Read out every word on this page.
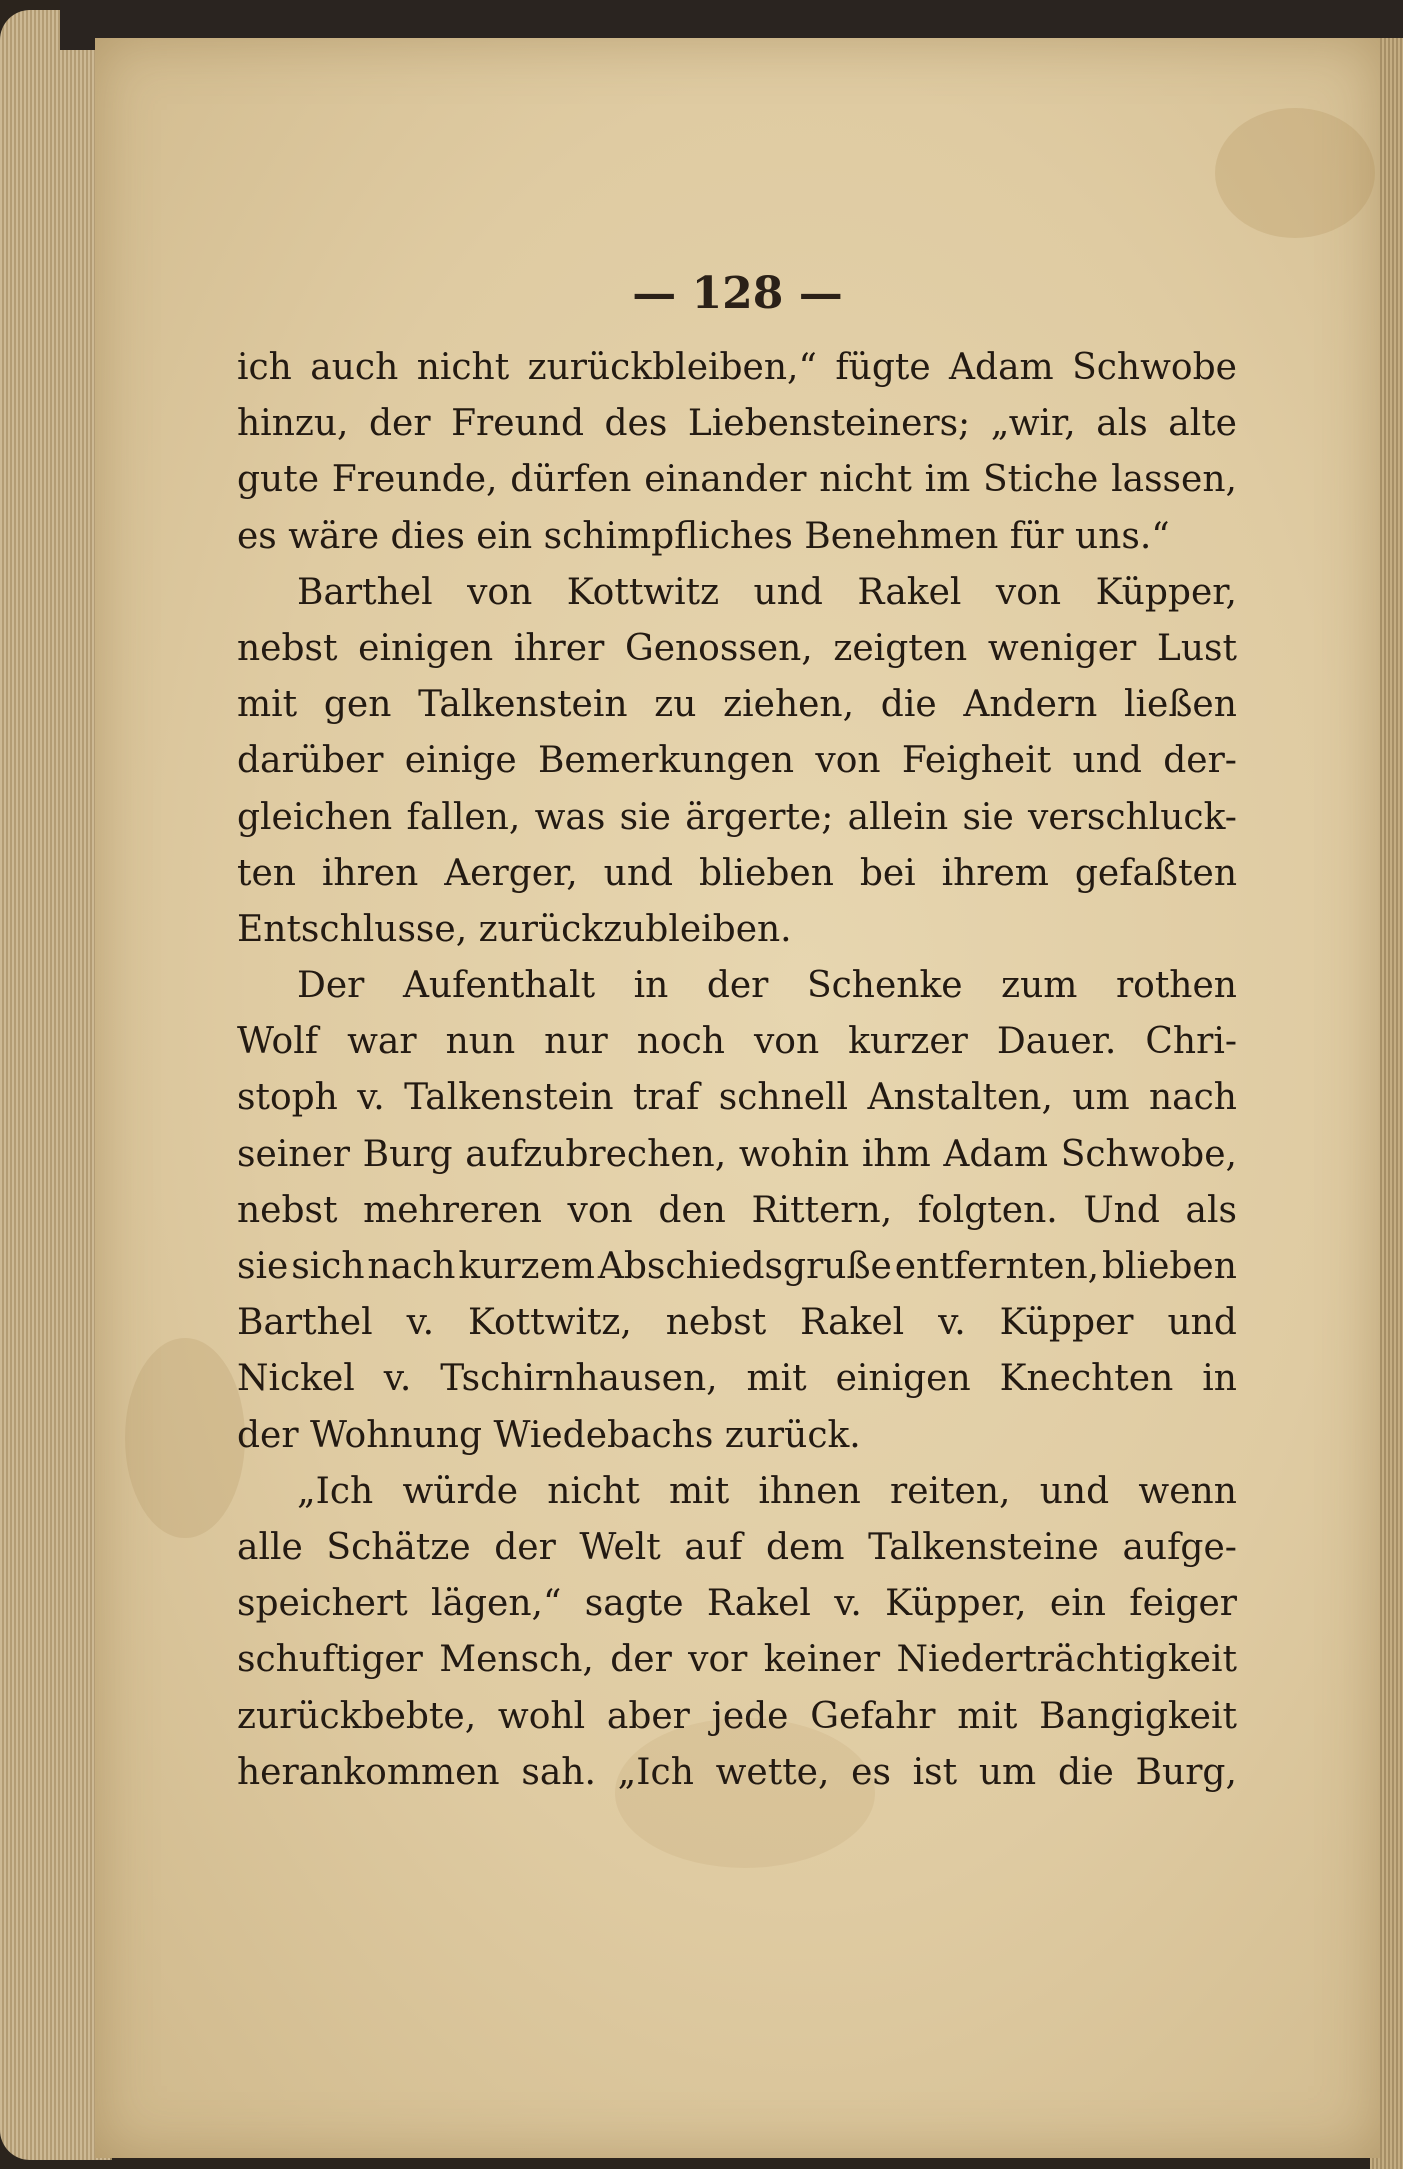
— 128 —
ich auch nicht zurückbleiben,“ fügte Adam Schwobe
hinzu, der Freund des Liebensteiners; „wir, als alte
gute Freunde, dürfen einander nicht im Stiche lassen,
es wäre dies ein schimpfliches Benehmen für uns.“
Barthel von Kottwitz und Rakel von Küpper,
nebst einigen ihrer Genossen, zeigten weniger Lust
mit gen Talkenstein zu ziehen, die Andern ließen
darüber einige Bemerkungen von Feigheit und der-
gleichen fallen, was sie ärgerte; allein sie verschluck-
ten ihren Aerger, und blieben bei ihrem gefaßten
Entschlusse, zurückzubleiben.
Der Aufenthalt in der Schenke zum rothen
Wolf war nun nur noch von kurzer Dauer. Chri-
stoph v. Talkenstein traf schnell Anstalten, um nach
seiner Burg aufzubrechen, wohin ihm Adam Schwobe,
nebst mehreren von den Rittern, folgten. Und als
sie sich nach kurzem Abschiedsgruße entfernten, blieben
Barthel v. Kottwitz, nebst Rakel v. Küpper und
Nickel v. Tschirnhausen, mit einigen Knechten in
der Wohnung Wiedebachs zurück.
„Ich würde nicht mit ihnen reiten, und wenn
alle Schätze der Welt auf dem Talkensteine aufge-
speichert lägen,“ sagte Rakel v. Küpper, ein feiger
schuftiger Mensch, der vor keiner Niederträchtigkeit
zurückbebte, wohl aber jede Gefahr mit Bangigkeit
herankommen sah. „Ich wette, es ist um die Burg,
